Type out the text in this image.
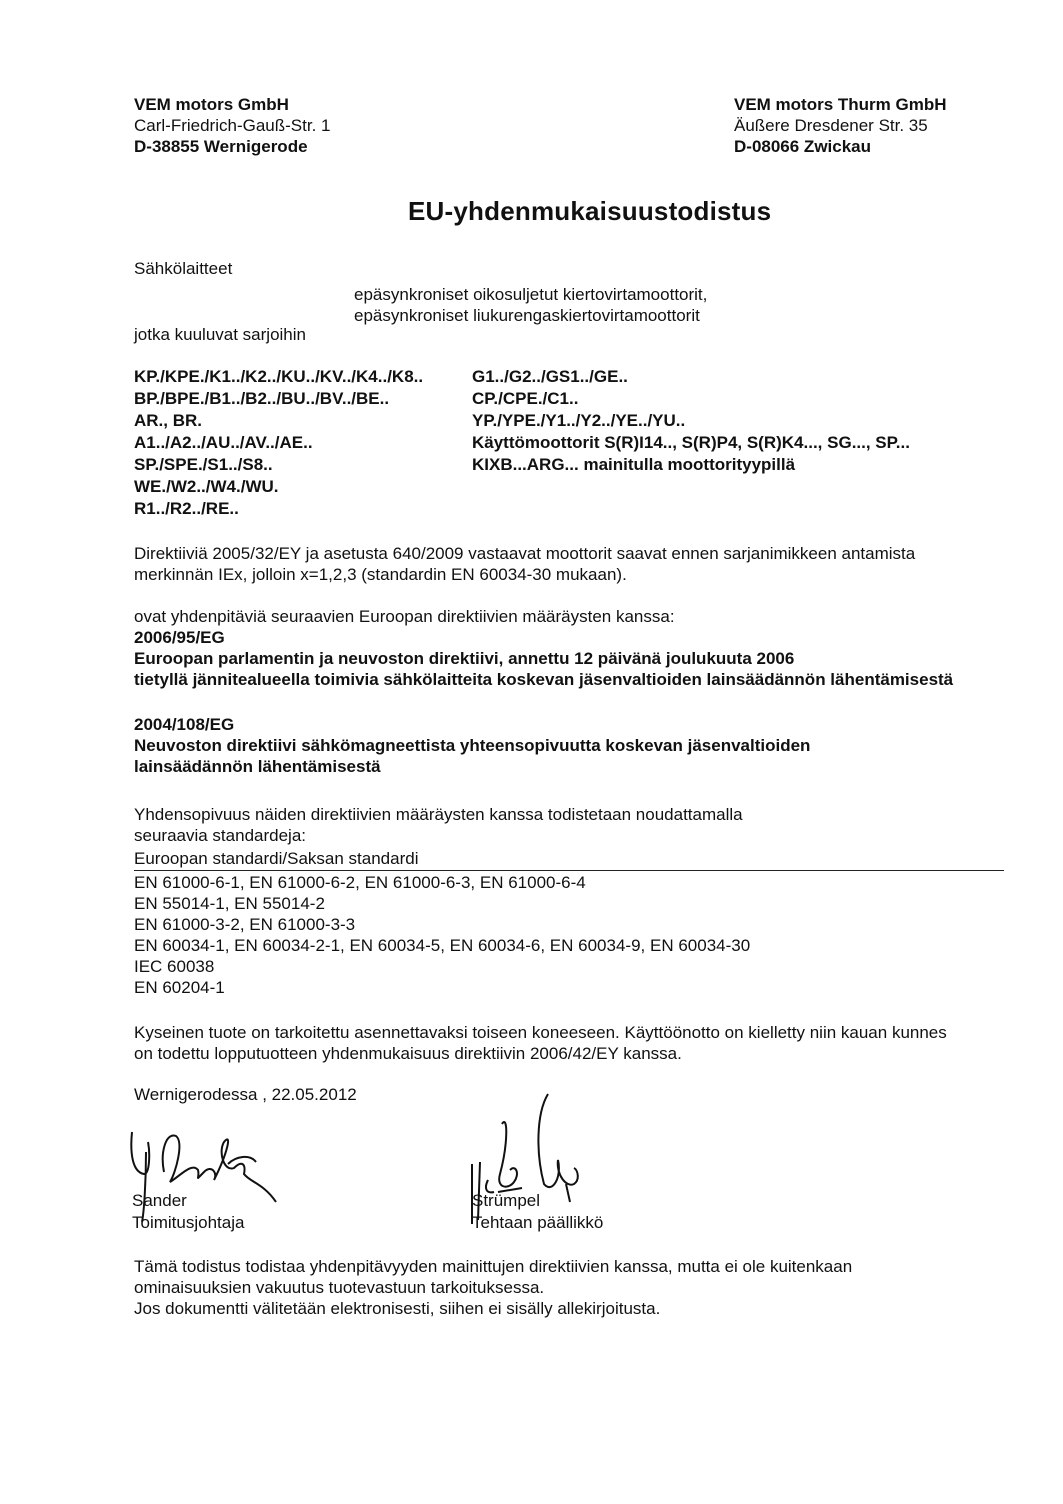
VEM motors GmbH
Carl-Friedrich-Gauß-Str. 1
D-38855 Wernigerode
VEM motors Thurm GmbH
Äußere Dresdener Str. 35
D-08066 Zwickau
EU-yhdenmukaisuustodistus
Sähkölaitteet
epäsynkroniset oikosuljetut kiertovirtamoottorit,
epäsynkroniset liukurengaskiertovirtamoottorit
jotka kuuluvat sarjoihin
KP./KPE./K1../K2../KU../KV../K4../K8..
BP./BPE./B1../B2../BU../BV../BE..
AR., BR.
A1../A2../AU../AV../AE..
SP./SPE./S1../S8..
WE./W2../W4./WU.
R1../R2../RE..
G1../G2../GS1../GE..
CP./CPE./C1..
YP./YPE./Y1../Y2../YE../YU..
Käyttömoottorit S(R)I14.., S(R)P4, S(R)K4..., SG..., SP...
KIXB...ARG... mainitulla moottorityypillä
Direktiiviä 2005/32/EY ja asetusta 640/2009 vastaavat moottorit saavat ennen sarjanimikkeen antamista
merkinnän IEx, jolloin x=1,2,3 (standardin EN 60034-30 mukaan).
ovat yhdenpitäviä seuraavien Euroopan direktiivien määräysten kanssa:
2006/95/EG
Euroopan parlamentin ja neuvoston direktiivi, annettu 12 päivänä joulukuuta 2006
tietyllä jännitealueella toimivia sähkölaitteita koskevan jäsenvaltioiden lainsäädännön lähentämisestä
2004/108/EG
Neuvoston direktiivi sähkömagneettista yhteensopivuutta koskevan jäsenvaltioiden
lainsäädännön lähentämisestä
Yhdensopivuus näiden direktiivien määräysten kanssa todistetaan noudattamalla
seuraavia standardeja:
Euroopan standardi/Saksan standardi
EN 61000-6-1, EN 61000-6-2, EN 61000-6-3, EN 61000-6-4
EN 55014-1, EN 55014-2
EN 61000-3-2, EN 61000-3-3
EN 60034-1, EN 60034-2-1, EN 60034-5, EN 60034-6, EN 60034-9, EN 60034-30
IEC 60038
EN 60204-1
Kyseinen tuote on tarkoitettu asennettavaksi toiseen koneeseen. Käyttöönotto on kielletty niin kauan kunnes
on todettu lopputuotteen yhdenmukaisuus direktiivin 2006/42/EY kanssa.
Wernigerodessa , 22.05.2012
Sander
Toimitusjohtaja
Strümpel
Tehtaan päällikkö
Tämä todistus todistaa yhdenpitävyyden mainittujen direktiivien kanssa, mutta ei ole kuitenkaan
ominaisuuksien vakuutus tuotevastuun tarkoituksessa.
Jos dokumentti välitetään elektronisesti, siihen ei sisälly allekirjoitusta.
